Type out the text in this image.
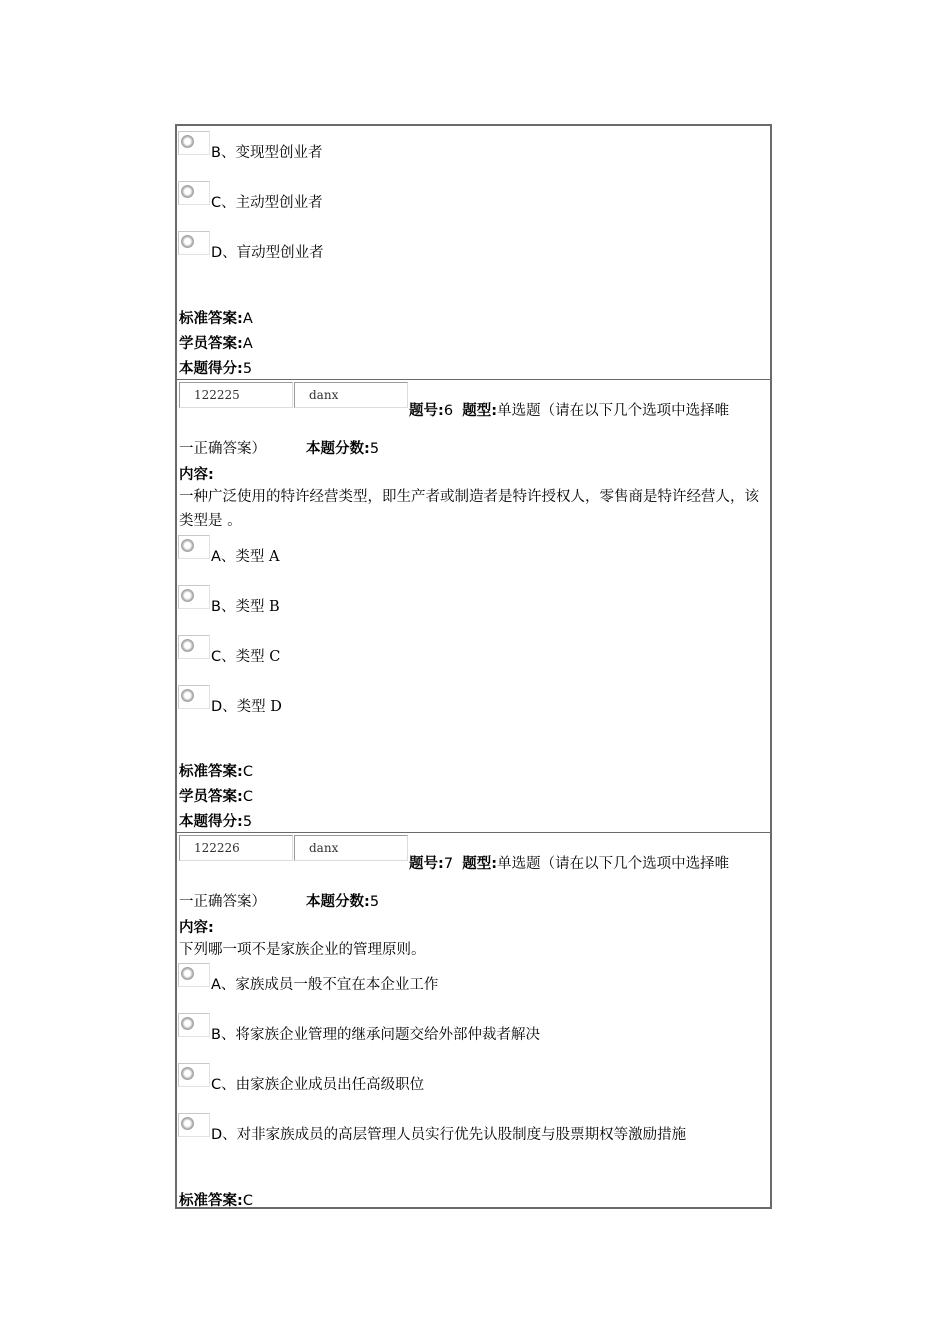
B、变现型创业者
C、主动型创业者
D、盲动型创业者
标准答案:A
学员答案:A
本题得分:5
122225	danx
题号:6 题型:单选题（请在以下几个选项中选择唯
一正确答案）	本题分数:5
内容:
一种广泛使用的特许经营类型，即生产者或制造者是特许授权人，零售商是特许经营人，该类型是 。
A、类型 A
B、类型 B
C、类型 C
D、类型 D
标准答案:C
学员答案:C
本题得分:5
122226	danx
题号:7 题型:单选题（请在以下几个选项中选择唯
一正确答案）	本题分数:5
内容:
下列哪一项不是家族企业的管理原则。
A、家族成员一般不宜在本企业工作
B、将家族企业管理的继承问题交给外部仲裁者解决
C、由家族企业成员出任高级职位
D、对非家族成员的高层管理人员实行优先认股制度与股票期权等激励措施
标准答案:C
